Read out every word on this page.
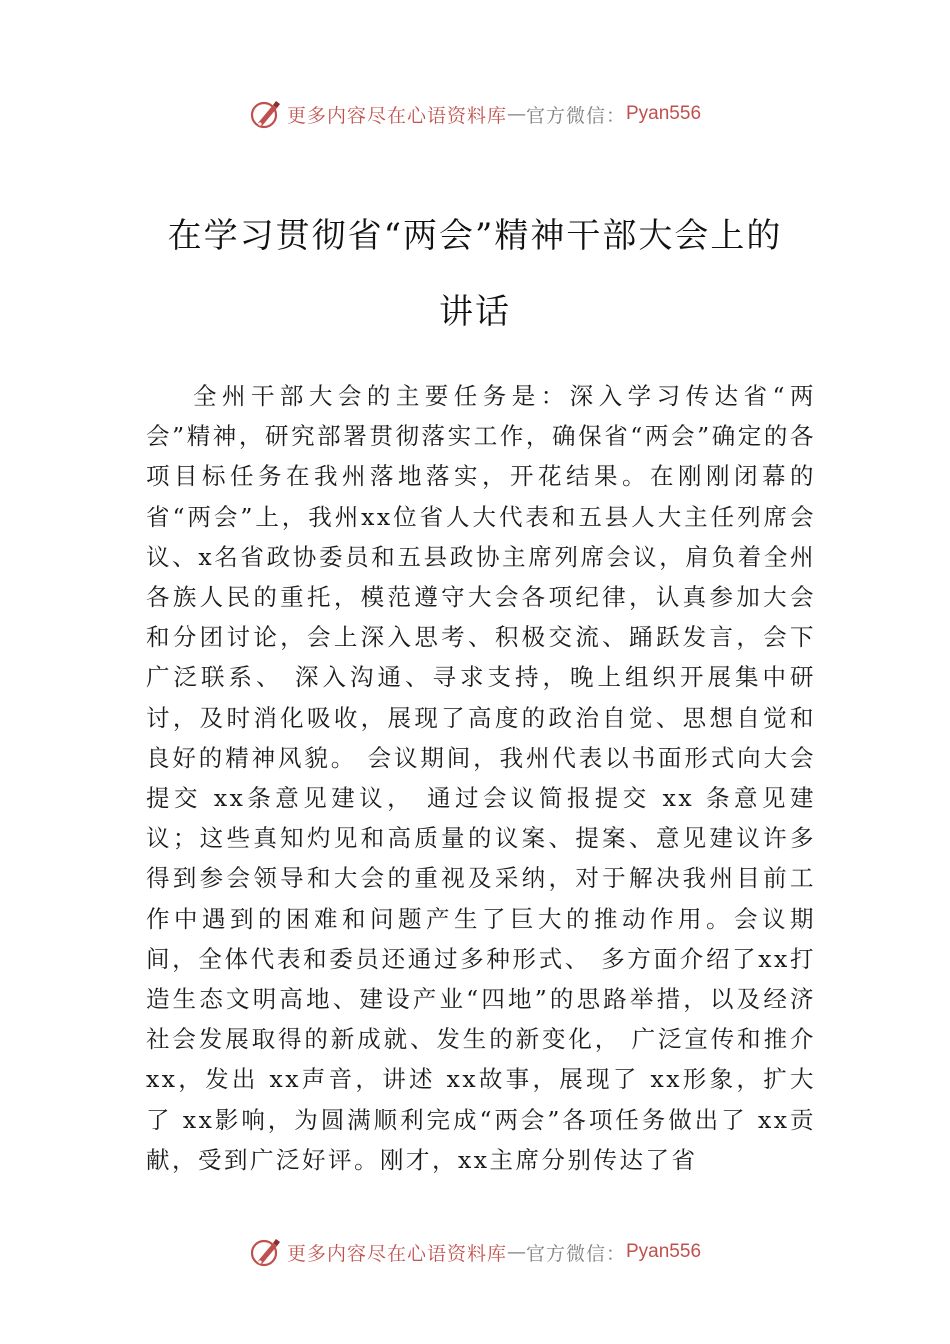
更多内容尽在心语资料库 — 官方微信： Pyan556
在学习贯彻省“两会”精神干部大会上的
讲话
全州干部大会的主要任务是：深入学习传达省“两会”精神，研究部署贯彻落实工作，确保省“两会”确定的各项目标任务在我州落地落实，开花结果。在刚刚闭幕的省“两会”上，我州xx位省人大代表和五县人大主任列席会议、x名省政协委员和五县政协主席列席会议，肩负着全州各族人民的重托，模范遵守大会各项纪律，认真参加大会和分团讨论，会上深入思考、积极交流、踊跃发言，会下广泛联系、 深入沟通、寻求支持，晚上组织开展集中研讨，及时消化吸收，展现了高度的政治自觉、思想自觉和良好的精神风貌。 会议期间，我州代表以书面形式向大会提交 xx条意见建议， 通过会议简报提交 xx 条意见建议；这些真知灼见和高质量的议案、提案、意见建议许多得到参会领导和大会的重视及采纳，对于解决我州目前工作中遇到的困难和问题产生了巨大的推动作用。会议期间，全体代表和委员还通过多种形式、 多方面介绍了xx打造生态文明高地、建设产业“四地”的思路举措，以及经济社会发展取得的新成就、发生的新变化， 广泛宣传和推介xx，发出 xx声音，讲述 xx故事，展现了 xx形象，扩大了 xx影响，为圆满顺利完成“两会”各项任务做出了 xx贡献，受到广泛好评。刚才，xx主席分别传达了省
更多内容尽在心语资料库 — 官方微信： Pyan556
